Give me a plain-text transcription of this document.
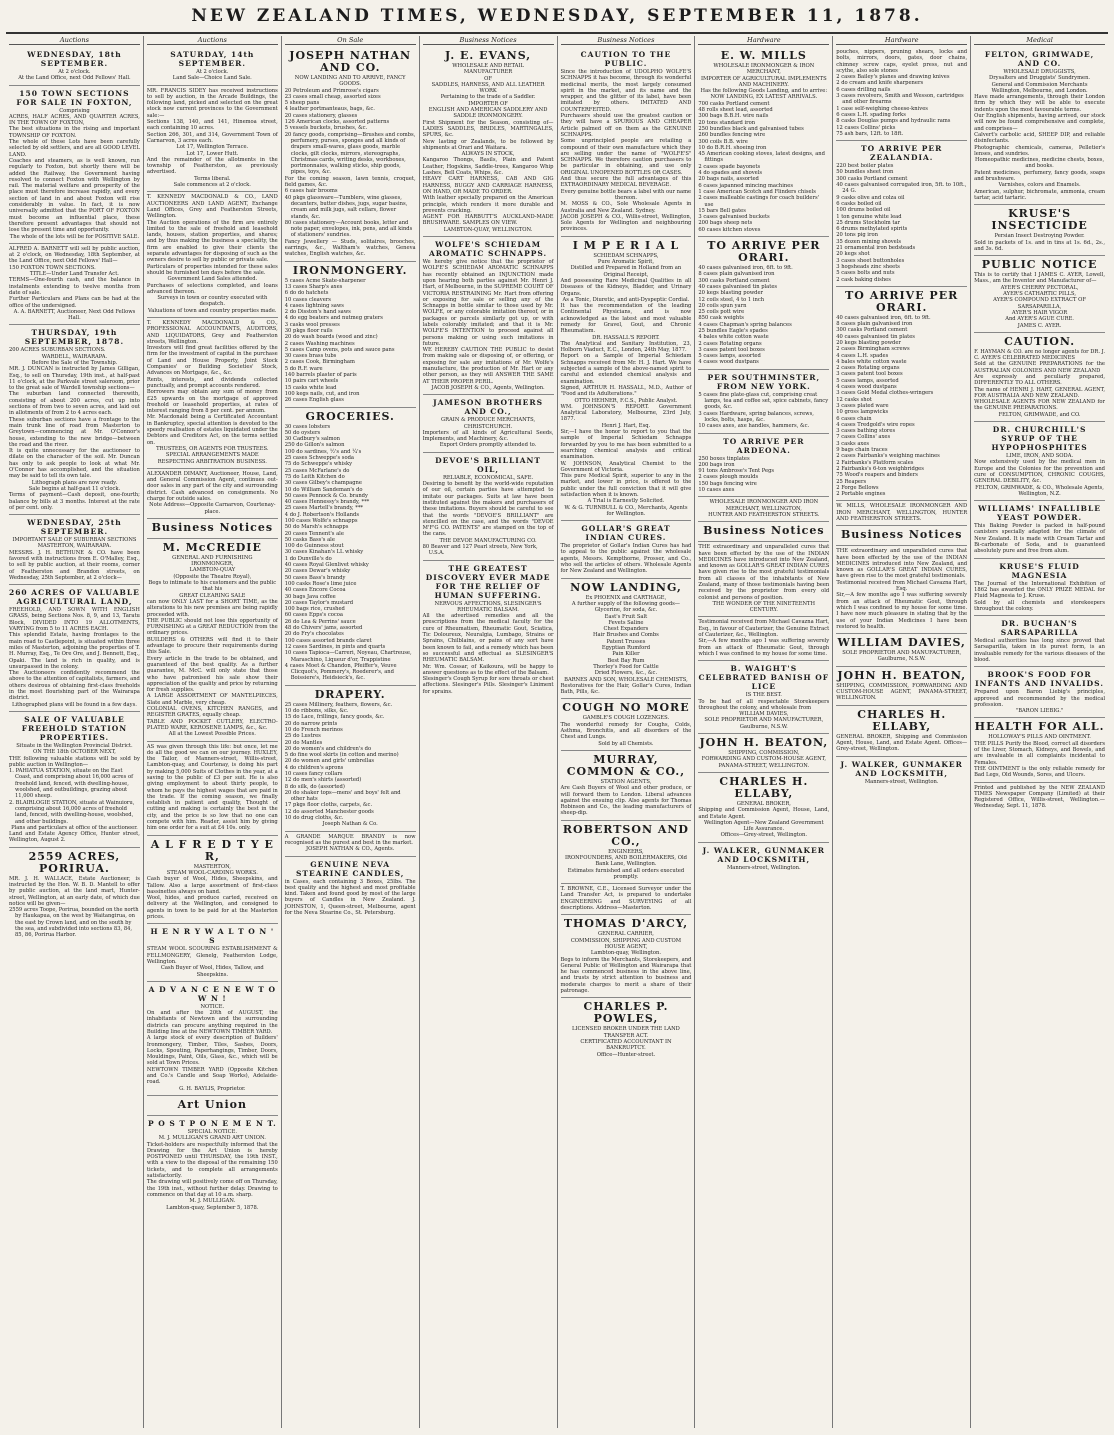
NEW ZEALAND TIMES, WEDNESDAY, SEPTEMBER 11, 1878.
Auctions
WEDNESDAY, 18th SEPTEMBER.
At 2 o'clock.
At the Land Office, next Odd Fellows' Hall.
150 TOWN SECTIONS FOR SALE IN FOXTON,
Comprising
ACRES, HALF ACRES, AND QUARTER ACRES, IN THE TOWN OF FOXTON,
The best situations in the rising and important TOWNSHIP OF FOXTON.
The whole of these Lots have been carefully selected by old settlers, and are all GOOD LEVEL LAND.
Coaches and steamers, as is well known, run regularly to Foxton, but shortly there will be added the Railway, the Government having resolved to connect Foxton with Wellington by rail. The material welfare and prosperity of the place must therefore increase rapidly, and every section of land in and about Foxton will rise considerably in value. In fact, it is now universally admitted that the PORT OF FOXTON must become an influential place, these therefore present advantages that should not lose the present time and opportunity.
The whole of the lots will be for POSITIVE SALE.
ALFRED A. BARNETT will sell by public auction, at 2 o'clock, on Wednesday, 18th September, at the Land Office, next Odd Fellows' Hall—
150 FOXTON TOWN SECTIONS.
TITLE—Under Land Transfer Act.
TERMS—One-fourth cash, and the balance in instalments extending to twelve months from date of sale.
Further Particulars and Plans can be had at the office of the undersigned.
A. A. BARNETT, Auctioneer, Next Odd Fellows Hall.
THURSDAY, 19th SEPTEMBER, 1878.
200 ACRES SUBURBAN SECTIONS.
WARDELL, WAIRARAPA.
Before the Sale of the Township.
MR. J. DUNCAN is instructed by James Gilligan, Esq., to sell on Thursday, 19th inst., at half-past 11 o'clock, at the Parkvale street saleroom, prior to the great sale of Wardell township sections—
The suburban land connected therewith, consisting of about 200 acres, cut up into sections of from two to seven acres, and laid out in allotments of from 2 to 4 acres each.
These suburban sections have a frontage to the main trunk line of road from Masterton to Greytown—commencing at Mr. O'Connor's house, extending to the new bridge—between the road and the river.
It is quite unnecessary for the auctioneer to dilate on the character of the soil. Mr. Duncan has only to ask people to look at what Mr. O'Connor has accomplished, and the situation may be said to tell its own tale.
Lithograph plans are now ready.
Sale begins at half-past 11 o'clock.
Terms of payment—Cash deposit, one-fourth; balance by bills at 3 months. Interest at the rate of per cent. only.
WEDNESDAY, 25th SEPTEMBER.
IMPORTANT SALE OF SUBURBAN SECTIONS
MASTERTON, WAIRARAPA.
MESSRS. J. H. BETHUNE & CO. have been favored with instructions from E. O'Malley, Esq., to sell by public auction, at their rooms, corner of Featherston and Brandon streets, on Wednesday, 25th September, at 2 o'clock—
260 ACRES OF VALUABLE AGRICULTURAL LAND,
FREEHOLD, AND SOWN WITH ENGLISH GRASS, being Sections Nos. 8, 9, and 13, Taratu Block, DIVIDED INTO 19 ALLOTMENTS, VARYING from 5 to 11 ACRES EACH.
This splendid Estate, having frontages to the main road to Castlepoint, is situated within three miles of Masterton, adjoining the properties of T. H. Murray, Esq., Te Ore Ore, and J. Bennett, Esq., Opaki. The land is rich in quality, and is unsurpassed in the colony.
The Auctioneers confidently recommend the above to the attention of capitalists, farmers, and others desirous of obtaining first-class freeholds in the most flourishing part of the Wairarapa district.
Lithographed plans will be found in a few days.
SALE OF VALUABLE FREEHOLD STATION PROPERTIES.
Situate in the Wellington Provincial District.
ON THE 18th OCTOBER NEXT,
THE following valuable stations will be sold by public auction in Wellington—
1. PAHIATUA STATION, situate on the East Coast, and comprising about 16,000 acres of freehold land, fenced, with dwelling-house, woolshed, and outbuildings, grazing about 11,000 sheep.
2. BLAIRLOGIE STATION, situate at Wainuioru, comprising about 16,000 acres of freehold land, fenced, with dwelling-house, woolshed, and other buildings.
Plans and particulars at office of the auctioneer.
Land and Estate Agency Office, Hunter street, Wellington, August 2.
2559 ACRES, PORIRUA.
MR. J. H. WALLACE, Estate Auctioneer, is instructed by the Hon. W. B. D. Mantell to offer by public auction, at the land mart, Hunter-street, Wellington, at an early date, of which due notice will be given—
2559 acres Toope, Porirua, bounded on the north by Haukapua, on the west by Waitangirua, on the east by Crown land, and on the south by the sea, and subdivided into sections 83, 84, 85, 86, Porirua Harbor.
Auctions
SATURDAY, 14th SEPTEMBER.
At 2 o'clock.
Land Sale—Choice Land Sale.
MR. FRANCIS SIDEY has received instructions to sell by auction, in the Arcade Buildings, the following land, picked and selected on the great stock now current provinces to the Government sale:—
Sections 138, 140, and 141, Hinemoa street, each containing 10 acres.
Section 266, 301, and 314, Government Town of Carnarvon, 3 acres each.
Lot 17, Wellington Terrace.
Lot 17, Lower Hutt.
And the remainder of the allotments in the township of Featherston, as previously advertised.
Terms liberal.
Sale commences at 2 o'clock.
T. KENNEDY MACDONALD & CO., LAND AUCTIONEERS AND LAND AGENT, Exchange Land Offices, Grey and Featherston Streets, Wellington.
The Auction operations of the firm are entirely limited to the sale of freehold and leasehold lands, houses, station properties, and shares; and by thus making the business a speciality, the firm are enabled to give their clients the separate advantages for disposing of such as the owners desire to sell by public or private sale.
Particulars of properties intended for these sales should be furnished ten days before the sale.
Government Land Sales attended.
Purchases of selections completed, and loans advanced thereon.
Surveys in town or country executed with despatch.
Valuations of town and country properties made.
T. KENNEDY MACDONALD & CO., PROFESSIONAL ACCOUNTANTS, AUDITORS, AND LIQUIDATORS, Grey and Featherston streets, Wellington.
Investors will find great facilities offered by the firm for the investment of capital in the purchase of Land and House Property, Joint Stock Companies' or Building Societies' Stock, Advances on Mortgage, &c., &c.
Rents, interests, and dividends collected punctually, and prompt accounts rendered.
Borrowers may obtain any sum of money from £25 upwards on the mortgage of approved freehold or leasehold properties, at rates of interest ranging from 8 per cent. per annum.
Mr. Macdonald being a Certificated Accountant in Bankruptcy, special attention is devoted to the speedy realisation of estates liquidated under the Debtors and Creditors Act, on the terms settled on.
TRUSTEES, OR AGENTS FOR TRUSTEES.
SPECIAL ARRANGEMENTS MADE RESPECTING ARBITRATION BUSINESS.
ALEXANDER DIMANT, Auctioneer, House, Land, and General Commission Agent, continues out-door sales in any part of the city and surrounding district. Cash advanced on consignments. No charge for outside sales.
Note Address—Opposite Carnarvon, Courtenay-place.
Business Notices
M. McCREDIE
GENERAL AND FURNISHING
IRONMONGER,
LAMBTON-QUAY
(Opposite the Theatre Royal),
Begs to intimate to his customers and the public that his
GREAT CLEARING SALE
can now ONLY LAST for a SHORT TIME, as the alterations to his new premises are being rapidly proceeded with.
THE PUBLIC should not lose this opportunity of FURNISHING at a GREAT REDUCTION from the ordinary prices.
BUILDERS & OTHERS will find it to their advantage to procure their requirements during this Sale.
Every article in the trade to be obtained, and guaranteed of the best quality. As a further guarantee, M. McC. will only state that those who have patronised his sale show their appreciation of the quality and price by returning for fresh supplies.
A LARGE ASSORTMENT OF MANTELPIECES, Slate and Marble, very cheap.
COLONIAL OVENS, KITCHEN RANGES, and REGISTER GRATES, equally cheap.
TABLE AND POCKET CUTLERY, ELECTRO-PLATED WARE, KEROSENE LAMPS, &c., &c.
All at the Lowest Possible Prices.
AS was given through this life: but once, let me do all the good we can on our journey. HUXLEY, the Tailor, of Manners-street, Willis-street, Lambton-quay, and Courtenay, is doing his part by making 5,000 Suits of Clothes in the year, at a saving to the public of £3 per suit. He is also giving employment to about thirty people, to whom he pays the highest wages that are paid in the trade. If the coming season, we finally establish in patient and quality, Thought of cutting and making is certainly the best in the city, and the price is so low that no one can compete with him. Reader, assist him by giving him one order for a suit at £4 10s. only.
A L F R E D T Y E R,
MASTERTON,
STEAM WOOL-CARDING WORKS.
Cash buyer of Wool, Hides, Sheepskins, and Tallow. Also a large assortment of first-class bassinettes always on hand.
Wool, hides, and produce carted, received on delivery at the Wellington, and consigned to agents in town to be paid for at the Masterton prices.
H E N R Y W A L T O N ' S
STEAM WOOL SCOURING ESTABLISHMENT & FELLMONGERY, Glenelg, Featherston Lodge, Wellington.
Cash Buyer of Wool, Hides, Tallow, and Sheepskins.
A D V A N C E N E W T O W N !
NOTICE.
On and after the 20th of AUGUST, the inhabitants of Newtown and the surrounding districts can procure anything required in the Building line at the NEWTOWN TIMBER YARD.
A large stock of every description of Builders' Ironmongery, Timber, Tiles, Sashes, Doors, Locks, Spouting, Paperhangings, Timber, Doors, Mouldings, Paint, Oils, Glass, &c., which will be sold at Town Prices.
NEWTOWN TIMBER YARD (Opposite Kitchen and Co.'s Candle and Soap Works), Adelaide-road.
G. H. BAYLIS, Proprietor.
Art Union
P O S T P O N E M E N T.
SPECIAL NOTICE.
M. J. MULLIGAN'S GRAND ART UNION.
Ticket-holders are respectfully informed that the Drawing for the Art Union is hereby POSTPONED until THURSDAY, the 19th INST., with a view to the disposal of the remaining 150 tickets, and to complete all arrangements satisfactorily.
The drawing will positively come off on Thursday, the 19th inst., without further delay. Drawing to commence on that day at 10 a.m. sharp.
M. J. MULLIGAN.
Lambton-quay, September 5, 1878.
On Sale
JOSEPH NATHAN AND CO.
NOW LANDING AND TO ARRIVE, FANCY GOODS.
20 Petroleum and Primrose's cigars
23 cases small cheap, assorted sizes
5 sheep pans
4 leather portmanteaus, bags, &c.
20 cases stationery, glasses
126 American clocks, assorted patterns
5 vessels buckets, brushes, &c.
20 fancy goods, comprising—Brushes and combs, perfumery, purses, sponges and all kinds of drapers small-wares, glass goods, marble clocks, gilt clocks, mirrors, stereographs, Christmas cards, writing desks, workboxes, portmonnaies, walking sticks, ship goods, pipes, toys, &c.
For the coming season, lawn tennis, croquet, field games, &c.
6 cases hair brooms
40 pkgs glassware—Tumblers, wine glasses, decanters, butter dishes, jugs, sugar basins, cream and milk jugs, salt cellars, flower stands, &c.
80 cases stationery—Account books, letter and note paper, envelopes, ink, pens, and all kinds of stationers' sundries.
Fancy Jewellery — Studs, solitaires, brooches, earrings, &c., Waltham's watches, Geneva watches, English watches, &c.
IRONMONGERY.
5 cases Acme Skate-sharpener
13 cases Sharp's axes
6 do do hatchets
10 cases cleavers
4 cases lightning saws
2 do Disston's hand saws
4 do egg beaters and nutmeg graters
3 casks wool presses
30 pkgs floor rails
20 do wash boards (wood and zinc)
2 cases Washing machines
5 cases Camp ovens, pots and sauce pans
30 cases brass tubs
2 cases Cook, Birmingham
5 do R.F. ware
140 barrels plaster of paris
10 pairs cart wheels
15 casks white lead
100 kegs nails, cut, and iron
26 cases English glass
GROCERIES.
30 cases lobsters
50 do oysters
30 Cadbury's salmon
250 do Gillon's salmon
100 do sardines, ½'s and ¼'s
25 cases Schweppe's soda
75 do Schweppe's whisky
25 cases McFarlane's do
75 do Leith Kitchen do
30 cases Gilbey's champagne
10 do William Sandeman's do
50 cases Pennock & Co. brandy
40 cases Hennessy's brandy, ***
25 cases Martell's brandy, ***
4 do J. Robertson's Hollands
100 cases Wolfe's schnapps
50 do Marsh's schnapps
20 cases Tennent's ale
50 casks Bass's ale
100 do Guinness stout
30 cases Kinahan's LL whisky
1 do Dunville's do
40 cases Royal Glenlivet whisky
20 cases Dewar's whisky
50 cases Bass's brandy
100 casks Rose's lime juice
40 cases Encore Cocoa
30 bags Java coffee
20 cases Taylor's mustard
100 bags rice, crushed
60 cases Epps's cocoa
26 do Lea & Perrins' sauce
48 do Chivers' jams, assorted
20 do Fry's chocolates
100 cases assorted brands claret
12 cases Sardines, in pints and quarts
10 cases Tapioca—Carreri, Noyeau, Chartreuse, Maraschino, Liqueur d'or, Trappistine
4 cases Moet & Chandon, Pfeiffer's, Veuve Clicquot's, Pommery's, Roederer's, and Boissiere's, Heidsieck's, &c.
DRAPERY.
25 cases Millinery, feathers, flowers, &c.
10 do ribbons, silks, &c.
15 do Lace, frillings, fancy goods, &c.
20 do narrow prints
10 do French merinos
25 do Lustres
20 do Mantles
20 do women's and children's do
5 do fine wool skirts (in cotton and merino)
20 do women and girls' umbrellas
4 do children's aprons
10 cases fancy collars
12 do men's shirts (assorted)
8 do silk, do (assorted)
20 do shaker tops—mens' and boys' felt and other hats
17 pkgs floor cloths, carpets, &c.
12 do assorted Manchester goods
10 do drug cloths, &c.
Joseph Nathan & Co.
A GRANDE MARQUE BRANDY is now recognised as the purest and best in the market.
JOSEPH NATHAN & CO., Agents.
GENUINE NEVA STEARINE CANDLES,
in Cases, each containing 3 Boxes, 25lbs. The best quality and the highest and most profitable kind. Taken and found good by most of the large buyers of Candles in New Zealand. J. JOHNSTON, 1, Queen-street, Melbourne, agent for the Neva Stearine Co., St. Petersburg.
Business Notices
J. E. EVANS,
WHOLESALE AND RETAIL
MANUFACTURER
OF
SADDLES, HARNESS, AND ALL LEATHER WORK
Pertaining to the trade of a Saddler.
IMPORTER OF
ENGLISH AND AMERICAN SADDLERY AND SADDLE IRONMONGERY.
First Shipment for the Season, consisting of—LADIES SADDLES, BRIDLES, MARTINGALES, SPURS, &c.
New lasting or Zealands, to be followed by shipments at Orari and Waitara.
ALWAYS IN STOCK,
Kangaroo Thongs, Basils, Plain and Patent Leather, Hogskins, Saddle-trees, Kangaroo Whip Lashes, Bell Coats, Whips, &c.
HEAVY CART HARNESS, CAB AND GIG HARNESS, BUGGY AND CARRIAGE HARNESS, ON HAND, OR MADE TO ORDER.
With leather specially prepared on the American principle, which renders it more durable and prevents cracking.
AGENT FOR HARBUTT'S AUCKLAND-MADE BRUSHWARE. SAMPLES ON VIEW.
LAMBTON-QUAY, WELLINGTON.
WOLFE'S SCHIEDAM AROMATIC SCHNAPPS.
We hereby give notice that the proprietor of WOLFE'S SCHIEDAM AROMATIC SCHNAPPS has recently obtained an INJUNCTION made upon hearing both parties against Mr. Henri J. Hart, of Melbourne, in the SUPREME COURT OF VICTORIA RESTRAINING Mr. Hart from offering or exposing for sale or selling any of the Schnapps in bottle similar to those used by Mr. WOLFE, or any colorable imitation thereof, or in packages or parcels similarly got up, or with labels colorably imitated; and that it is Mr. WOLFE'S INTENTION to proceed against all persons making or using such imitations in future.
WE HEREBY CAUTION THE PUBLIC to desist from making sale or disposing of, or offering, or exposing for sale any imitations of Mr. Wolfe's manufacture, the production of Mr. Hart or any other person, as they will ANSWER THE SAME AT THEIR PROPER PERIL.
JACOB JOSEPH & CO., Agents, Wellington.
JAMESON BROTHERS AND CO.,
GRAIN & PRODUCE MERCHANTS, CHRISTCHURCH.
Importers of all kinds of Agricultural Seeds, Implements, and Machinery, &c.
Export Orders promptly attended to.
DEVOE'S BRILLIANT OIL,
RELIABLE, ECONOMICAL, SAFE.
Desiring to benefit by the world-wide reputation of our oil, certain parties have attempted to imitate our packages. Suits at law have been instituted against the makers and purchasers of these imitations. Buyers should be careful to see that the words "DEVOE'S BRILLIANT" are stencilled on the case, and the words "DEVOE M'F'G CO. PATENTS" are stamped on the top of the cans.
THE DEVOE MANUFACTURING CO.
80 Beaver and 127 Pearl streets, New York, U.S.A.
THE GREATEST DISCOVERY EVER MADE FOR THE RELIEF OF HUMAN SUFFERING.
NERVOUS AFFECTIONS, SLESINGER'S RHEUMATIC BALSAM.
All the advertised remedies and all the prescriptions from the medical faculty for the cure of Rheumatism, Rheumatic Gout, Sciatica, Tic Doloureux, Neuralgia, Lumbago, Strains or Sprains, Chilblains, or pains of any sort have been known to fail, and a remedy which has been so successful and effectual as SLESINGER'S RHEUMATIC BALSAM.
Mr. Wm. Cossar, of Kaikoura, will be happy to answer questions as to the effect of the Balsam.
Slesinger's Cough Syrup for sore throats or chest affections. Slesinger's Pills. Slesinger's Liniment for sprains.
Business Notices
CAUTION TO THE PUBLIC.
Since the introduction of UDOLPHO WOLFE'S SCHNAPPS it has become, through its wonderful medicinal merits, the most largely consumed spirit in the market, and its name and the wrapper, and the glitter of its label, have been imitated by others. IMITATED AND COUNTERFEITED.
Purchasers should use the greatest caution or they will have a SPURIOUS AND CHEAPER Article palmed off on them as the GENUINE SCHNAPPS.
Some unprincipled people are retailing a compound of their own manufacture which they are selling under the name of "WOLFE'S" SCHNAPPS. We therefore caution purchasers to be particular in obtaining, and use only ORIGINAL UNOPENED BOTTLES OR CASES.
And thus secure the full advantages of this EXTRAORDINARY MEDICAL BEVERAGE.
Every genuine bottle bears a label with our name thereon.
M. MOSS & CO., Sole Wholesale Agents in Australia and New Zealand. Sydney.
JACOB JOSEPH & CO., Willis-street, Wellington, Sole Agents for Wellington and neighbouring provinces.
I M P E R I A L
SCHIEDAM SCHNAPPS,
Pure Aromatic Spirit,
Distilled and Prepared in Holland from an Original Receipt,
And possessing Rare Medicinal Qualities in all Diseases of the Kidneys, Bladder, and Urinary Organs.
As a Tonic, Diuretic, and anti-Dyspeptic Cordial.
It has the recommendation of the leading Continental Physicians, and is now acknowledged as the latest and most valuable remedy for Gravel, Gout, and Chronic Rheumatism.
DR. HASSALL'S REPORT.
The Analytical and Sanitary Institution, 23, Holborn Viaduct, E.C., London, 24th May, 1877.
Report on a Sample of Imperial Schiedam Schnapps received from Mr. H. J. Hart. We have subjected a sample of the above-named spirit to careful and extended chemical analysis and examination.
Signed, ARTHUR H. HASSALL, M.D., Author of "Food and its Adulterations."
OTTO HEHNER, F.C.S., Public Analyst.
WM. JOHNSON'S REPORT. Government Analytical Laboratory, Melbourne, 23rd July, 1877.
Henri J. Hart, Esq.
Sir,—I have the honor to report to you that the sample of Imperial Schiedam Schnapps forwarded by you to me has been submitted to a searching chemical analysis and critical examination.
W. JOHNSON, Analytical Chemist to the Government of Victoria.
This pure Medical Spirit, superior to any in the market, and lower in price, is offered to the public under the full conviction that it will give satisfaction when it is known.
A Trial is Earnestly Solicited.
W. & G. TURNBULL & CO., Merchants, Agents for Wellington.
GOLLAR'S GREAT INDIAN CURES.
The proprietor of Gollar's Indian Cures has had to appeal to the public against the wholesale agents, Messrs. Kempthorne, Prosser, and Co., who sell the articles of others. Wholesale Agents for New Zealand and Wellington.
NOW LANDING,
Ex PHOENIX and CARTHAGE,
A further supply of the following goods—
Glycerine, for soda, &c.
East's Fruit Salt
Fevets Saline
Chest Expanders
Hair Brushes and Combs
Patent Trusses
Egyptian Rumford
Pain Killer
Best Bay Rum
Thorley's Food for Cattle
Dried Flowers, &c., &c.
BARNES AND SON, WHOLESALE CHEMISTS,
Restoratives for the Hair, Gollar's Cures, Indian Bath, Pills, &c.
COUGH NO MORE
GAMBLE'S COUGH LOZENGES.
The wonderful remedy for Coughs, Colds, Asthma, Bronchitis, and all disorders of the Chest and Lungs.
Sold by all Chemists.
MURRAY, COMMON & CO.,
STATION AGENTS,
Are Cash Buyers of Wool and other produce, or will forward them to London. Liberal advances against the ensuing clip. Also agents for Thomas Robinson and Co., the leading manufacturers of sheep-dip.
ROBERTSON AND CO.,
ENGINEERS,
IRONFOUNDERS, AND BOILERMAKERS, Old Bank Lane, Wellington.
Estimates furnished and all orders executed promptly.
T. BROWNE, C.E., Licensed Surveyor under the Land Transfer Act, is prepared to undertake ENGINEERING and SURVEYING of all descriptions. Address—Masterton.
THOMAS D'ARCY,
GENERAL CARRIER,
COMMISSION, SHIPPING AND CUSTOM HOUSE AGENT,
Lambton-quay, Wellington.
Begs to inform the Merchants, Storekeepers, and General Public of Wellington and Wairarapa that he has commenced business in the above line, and trusts by strict attention to business and moderate charges to merit a share of their patronage.
CHARLES P. POWLES,
LICENSED BROKER UNDER THE LAND TRANSFER ACT.
CERTIFICATED ACCOUNTANT IN BANKRUPTCY.
Office—Hunter-street.
Hardware
E. W. MILLS
WHOLESALE IRONMONGER & IRON MERCHANT,
IMPORTER OF AGRICULTURAL IMPLEMENTS AND MACHINERY.
Has the following Goods Landing, and to arrive:
NOW LANDING, EX LATEST ARRIVALS.
700 casks Portland cement
48 rolls sheet lead, assorted
300 bags B.B.H. wire nails
20 tons standard iron
250 bundles black and galvanised tubes
260 bundles fencing wire
300 coils B.B. wire
10 do B.R.H. shoeing iron
45 American cooking stoves, latest designs, and fittings
2 cases spade bayonets
4 do spades and shovels
20 bags nails, assorted
6 cases japanned mincing machines
1 case American Scotch and Flinders chisels
2 cases malleable castings for coach builders' use
15 bars Bell gates
3 cases galvanised buckets
200 bags sheep nets
60 cases kitchen stoves
TO ARRIVE PER ORARI.
40 cases galvanised iron, 6ft. to 9ft.
8 cases plain galvanised iron
300 casks Portland cement
40 cases galvanised tin plates
20 kegs blasting powder
12 coils steel, 4 to 1 inch
20 coils spun yarn
25 coils pott wire
850 cask weights
4 cases Chapman's spring balances
25 bundles Eagle's spades
4 bales white cotton waste
2 cases Rotating organs
3 cases patent tool boxes
5 cases lamps, assorted
4 cases wood dustpans
PER SOUTHMINSTER, FROM NEW YORK.
5 cases fine plate-glass cut, comprising creat lamps, tea and coffee set, spice cabinets, fancy goods, &c.
3 cases Hardware, spring balances, screws, locks, bolts, hasps, &c.
10 cases axes, axe handles, hammers, &c.
TO ARRIVE PER ARDEONA.
250 boxes tinplates
200 bags iron
91 tons Ambrose's Tent Pegs
2 cases plough moulds
150 bags fencing wire
10 cases axes
WHOLESALE IRONMONGER AND IRON MERCHANT, WELLINGTON,
HUNTER AND FEATHERSTON STREETS.
Business Notices
THE extraordinary and unparalleled cures that have been effected by the use of the INDIAN MEDICINES have introduced into New Zealand, and known as GOLLAR'S GREAT INDIAN CURES have given rise to the most grateful testimonials from all classes of the inhabitants of New Zealand, many of those testimonials having been received by the proprietor from every old colonist and persons of position.
THE WONDER OF THE NINETEENTH CENTURY.
Testimonial received from Michael Cavazna Hart, Esq., in favour of Cauterizer, the Genuine Extract of Cauterizer, &c., Wellington.
Sir,—A few months ago I was suffering severely from an attack of Rheumatic Gout, through which I was confined to my house for some time.
B. WAIGHT'S CELEBRATED BANISH OF LICE
IS THE BEST.
To be had of all respectable Storekeepers throughout the colony, and wholesale from
WILLIAM DAVIES,
SOLE PROPRIETOR AND MANUFACTURER, Gaulburne, N.S.W.
JOHN H. BEATON,
SHIPPING, COMMISSION,
FORWARDING AND CUSTOM-HOUSE AGENT,
PANAMA-STREET, WELLINGTON.
CHARLES H. ELLABY,
GENERAL BROKER,
Shipping and Commission Agent, House, Land, and Estate Agent.
Wellington Agent—New Zealand Government Life Assurance.
Offices—Grey-street, Wellington.
J. WALKER, GUNMAKER AND LOCKSMITH,
Manners-street, Wellington.
Hardware
pouches, nippers, pruning shears, locks and bolts, mirrors, doors, gates, door chains, chimney screw caps, eyelet press, nut and scythe, also sole stones
2 cases Bailey's planes and drawing knives
2 do cream and knife sharpeners
6 cases drilling nails
3 cases revolvers, Smith and Wesson, cartridges and other firearms
1 case self-weighing cheese-knives
6 cases L.H. spading forks
8 casks Douglas pumps and hydraulic rams
12 cases Collins' picks
75 ash bars, 12ft. to 18ft.
TO ARRIVE PER ZEALANDIA.
220 best boiler plates
50 bundles sheet iron
300 casks Portland cement
40 cases galvanised corrugated iron, 5ft. to 10ft., 24 G.
9 casks olive and colza oil
6 casks boiled oil
100 drums boiled oil
1 ton genuine white lead
25 drums Stockholm tar
6 drums methylated spirits
20 tons pig iron
35 dozen mining shovels
21 ornamental iron bedsteads
20 kegs shot
3 cases sheet buttonholes
3 hogsheads zinc sheets
5 cases bolts and nuts
2 cask baking dishes
TO ARRIVE PER ORARI.
40 cases galvanised iron, 6ft. to 9ft.
8 cases plain galvanised iron
300 casks Portland cement
40 cases galvanised tin plates
20 kegs blasting powder
2 cases Birmingham screws
4 cases L.H. spades
4 bales white cotton waste
2 cases Rotating organs
3 cases patent tool boxes
5 cases lamps, assorted
4 cases wood dustpans
3 cases Gold Medal clothes-wringers
12 casks shot
3 cases plated ware
10 gross lampwicks
6 cases chain
4 cases Tredgold's wire ropes
3 cases bathing stores
7 cases Collins' axes
3 casks axes
9 bags chain traces
2 cases Fairbanks's weighing machines
2 Fairbanks's Platform scales
2 Fairbanks's 6-ton weighbridges
75 Wood's reapers and binders
25 Reapers
2 Forge Bellows
2 Portable engines
W. MILLS, WHOLESALE IRONMONGER AND IRON MERCHANT, WELLINGTON, HUNTER AND FEATHERSTON STREETS.
Business Notices
THE extraordinary and unparalleled cures that have been effected by the use of the INDIAN MEDICINES introduced into New Zealand, and known as GOLLAR'S GREAT INDIAN CURES, have given rise to the most grateful testimonials.
Testimonial received from Michael Cavazna Hart, Esq.
Sir,—A few months ago I was suffering severely from an attack of Rheumatic Gout, through which I was confined to my house for some time. I have now much pleasure in stating that by the use of your Indian Medicines I have been restored to health.
WILLIAM DAVIES,
SOLE PROPRIETOR AND MANUFACTURER, Gaulburne, N.S.W.
JOHN H. BEATON,
SHIPPING, COMMISSION, FORWARDING AND CUSTOM-HOUSE AGENT, PANAMA-STREET, WELLINGTON.
CHARLES H. ELLABY,
GENERAL BROKER, Shipping and Commission Agent, House, Land, and Estate Agent. Offices—Grey-street, Wellington.
J. WALKER, GUNMAKER AND LOCKSMITH,
Manners-street, Wellington.
Medical
FELTON, GRIMWADE, AND CO.
WHOLESALE DRUGGISTS,
Drysalters and Druggists' Sundrymen.
General and Commission Merchants
Wellington, Melbourne, and London.
Have made arrangements, through their London firm by which they will be able to execute indents upon the most favourable terms.
Our English shipments, having arrived, our stock will now be found comprehensive and complete, and comprises—
Calvert's carbolic acid, SHEEP DIP, and reliable disinfectants.
Photographic chemicals, cameras, Pelletier's lenses, and sundries.
Homeopathic medicines, medicine chests, boxes, and books.
Patent medicines, perfumery, fancy goods, soaps and brushware.
Varnishes, colors and Enamels.
American, sulphur, bichromate, ammonia, cream tartar, acid tartaric.
KRUSE'S INSECTICIDE
Persian Insect Destroying Powder.
Sold in packets of 1s. and in tins at 1s. 6d., 2s., and 3s. 6d.
PUBLIC NOTICE
This is to certify that I JAMES C. AYER, Lowell, Mass., am the Inventor and Manufacturer of—
AYER'S CHERRY PECTORAL,
AYER'S CATHARTIC PILLS,
AYER'S COMPOUND EXTRACT OF SARSAPARILLA,
AYER'S HAIR VIGOR
And AYER'S AGUE CURE.
JAMES C. AYER.
CAUTION.
F. HAYMAN & CO. are no longer agents for DR. J. C. AYER'S CELEBRATED MEDICINES
Sold at the GENUINE PREPARATIONS for the AUSTRALIAN COLONIES AND NEW ZEALAND
Are expressly and peculiarly prepared, DIFFERENTLY TO ALL OTHERS.
The name of HENRI J. HART, GENERAL AGENT, FOR AUSTRALIA AND NEW ZEALAND.
WHOLESALE AGENTS FOR NEW ZEALAND for the GENUINE PREPARATIONS.
FELTON, GRIMWADE, and CO.
DR. CHURCHILL'S SYRUP OF THE HYPOPHOSPHITES
LIME, IRON, AND SODA.
Now extensively used by the medical men in Europe and the Colonies for the prevention and cure of CONSUMPTION, CHRONIC COUGHS, GENERAL DEBILITY, &c.
FELTON, GRIMWADE, & CO., Wholesale Agents, Wellington, N.Z.
WILLIAMS' INFALLIBLE YEAST POWDER.
This Baking Powder is packed in half-pound canisters specially adapted for the climate of New Zealand. It is made with Cream Tartar and Bi-carbonate of Soda, and is guaranteed absolutely pure and free from alum.
KRUSE'S FLUID MAGNESIA
The Journal of the International Exhibition of 1862 has awarded the ONLY PRIZE MEDAL for Fluid Magnesia to J. Kruse.
Sold by all chemists and storekeepers throughout the colony.
DR. BUCHAN'S SARSAPARILLA
Medical authorities has long since proved that Sarsaparilla, taken in its purest form, is an invaluable remedy for the various diseases of the blood.
BROOK'S FOOD FOR INFANTS AND INVALIDS.
Prepared upon Baron Liebig's principles, approved and recommended by the medical profession.
"BARON LIEBIG."
HEALTH FOR ALL.
HOLLOWAY'S PILLS AND OINTMENT.
THE PILLS Purify the Blood, correct all disorders of the Liver, Stomach, Kidneys, and Bowels, and are invaluable in all complaints incidental to Females.
THE OINTMENT is the only reliable remedy for Bad Legs, Old Wounds, Sores, and Ulcers.
Printed and published by the NEW ZEALAND TIMES Newspaper Company (Limited) at their Registered Office, Willis-street, Wellington.—Wednesday, Sept. 11, 1878.
